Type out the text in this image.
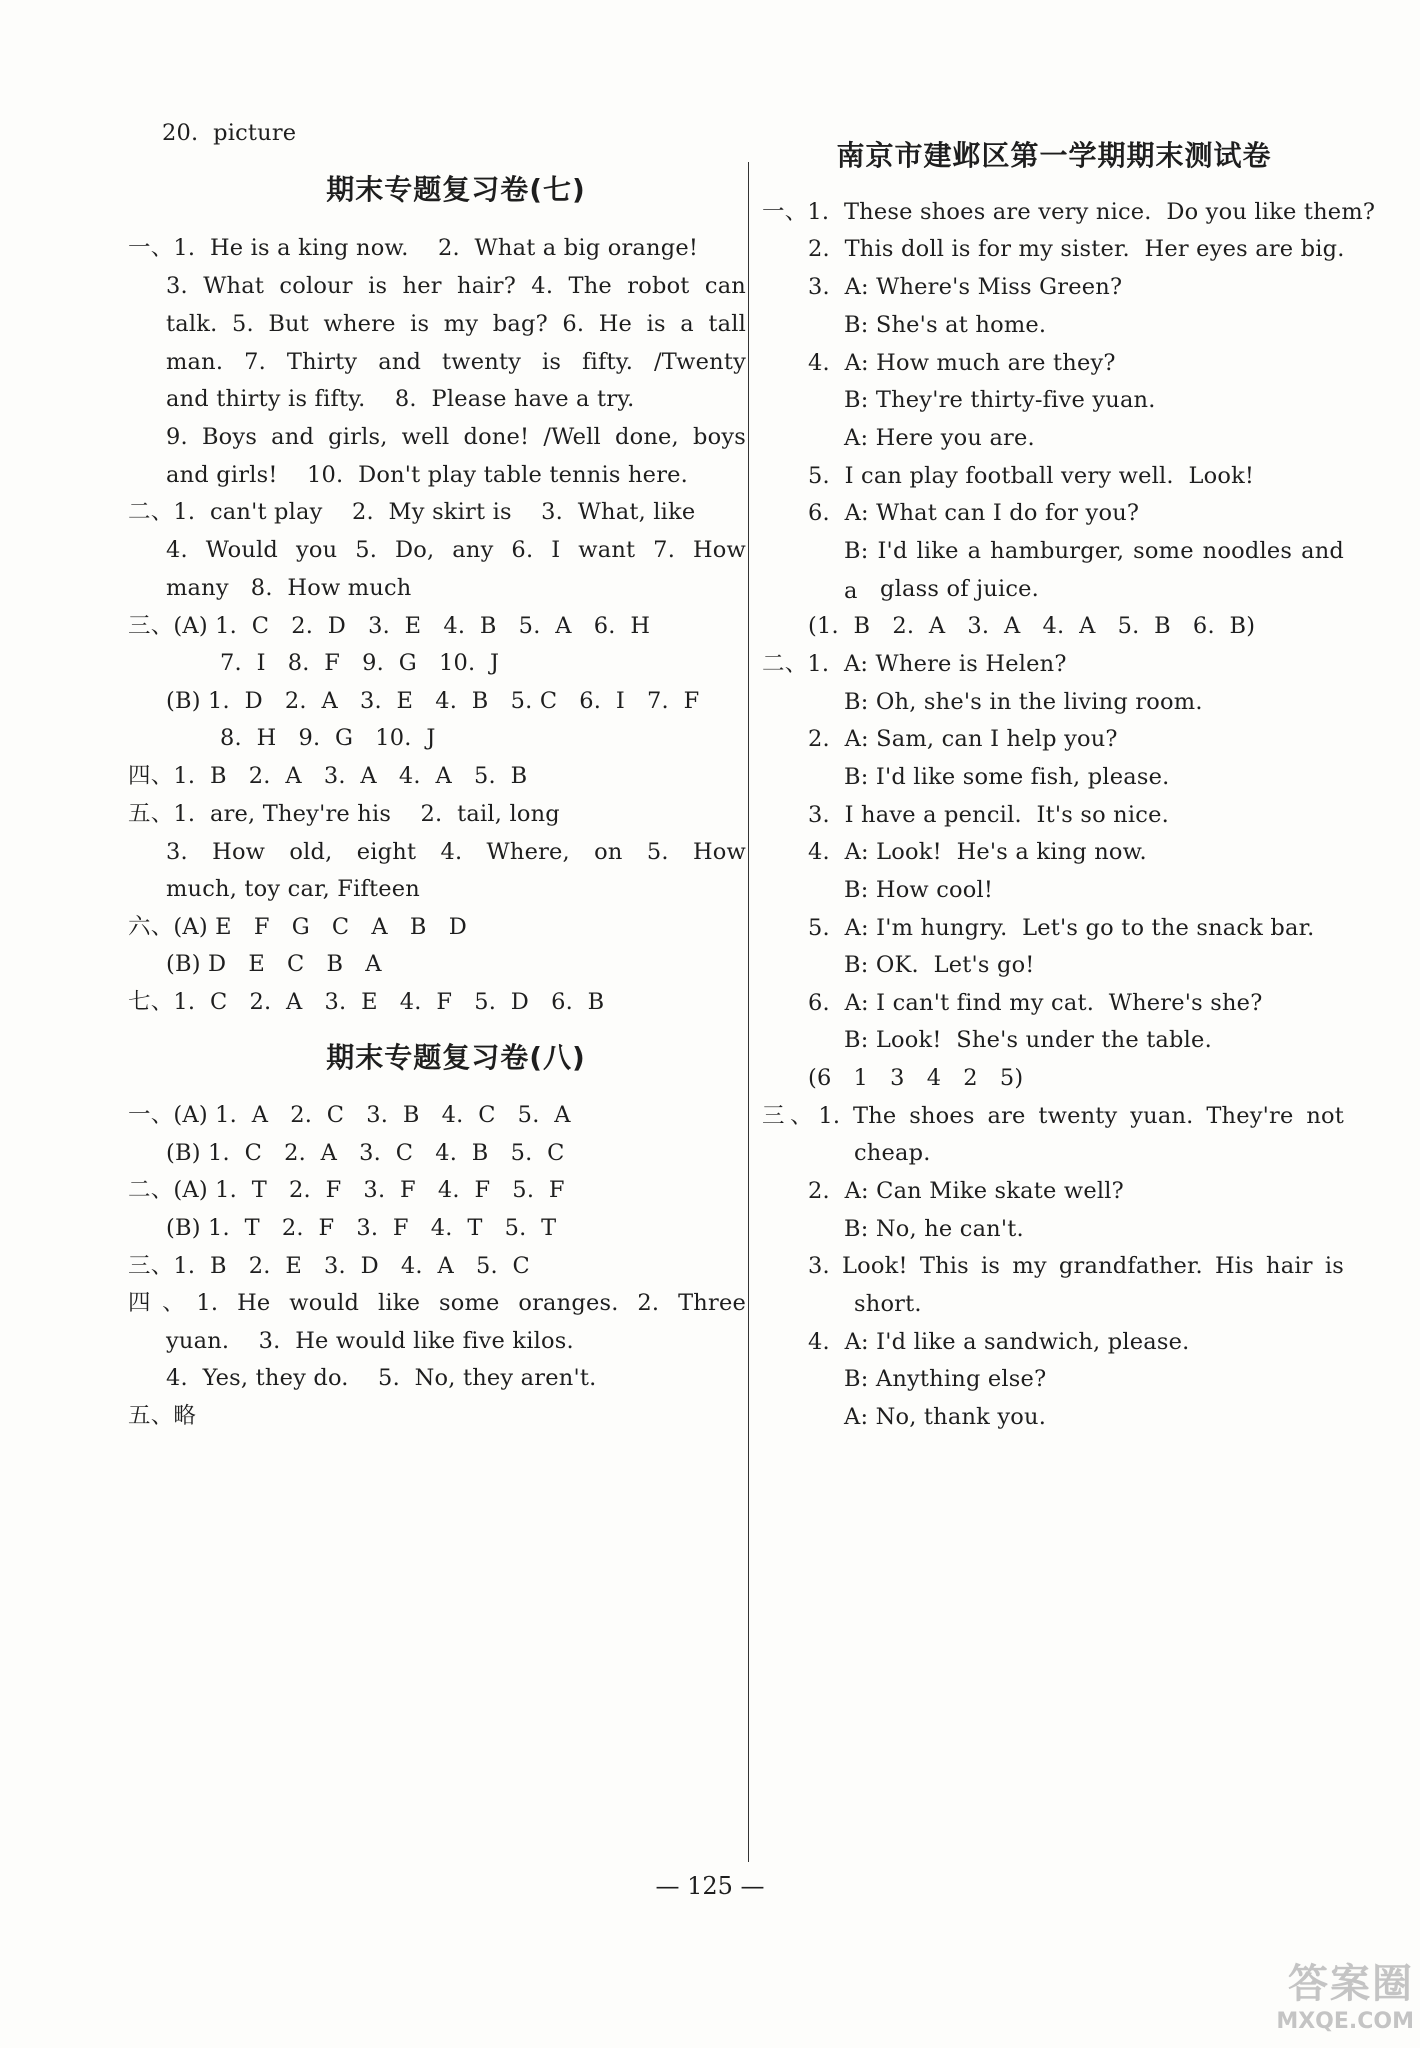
20.  picture
期末专题复习卷(七)
一、1.  He is a king now.    2.  What a big orange!
3. What colour is her hair? 4. The robot can
talk. 5. But where is my bag? 6. He is a tall
man. 7. Thirty and twenty is fifty. /Twenty
and thirty is fifty.    8.  Please have a try.
9. Boys and girls, well done! /Well done, boys
and girls!    10.  Don't play table tennis here.
二、1.  can't play    2.  My skirt is    3.  What, like
4. Would you 5. Do, any 6. I want 7. How
many   8.  How much
三、(A) 1.  C   2.  D   3.  E   4.  B   5.  A   6.  H
7.  I   8.  F   9.  G   10.  J
(B) 1.  D   2.  A   3.  E   4.  B   5. C   6.  I   7.  F
8.  H   9.  G   10.  J
四、1.  B   2.  A   3.  A   4.  A   5.  B
五、1.  are, They're his    2.  tail, long
3. How old, eight 4. Where, on 5. How
much, toy car, Fifteen
六、(A) E   F   G   C   A   B   D
(B) D   E   C   B   A
七、1.  C   2.  A   3.  E   4.  F   5.  D   6.  B
期末专题复习卷(八)
一、(A) 1.  A   2.  C   3.  B   4.  C   5.  A
(B) 1.  C   2.  A   3.  C   4.  B   5.  C
二、(A) 1.  T   2.  F   3.  F   4.  F   5.  F
(B) 1.  T   2.  F   3.  F   4.  T   5.  T
三、1.  B   2.  E   3.  D   4.  A   5.  C
四、1. He would like some oranges. 2. Three
yuan.    3.  He would like five kilos.
4.  Yes, they do.    5.  No, they aren't.
五、略
南京市建邺区第一学期期末测试卷
一、1.  These shoes are very nice.  Do you like them?
2.  This doll is for my sister.  Her eyes are big.
3.  A: Where's Miss Green?
B: She's at home.
4.  A: How much are they?
B: They're thirty-five yuan.
A: Here you are.
5.  I can play football very well.  Look!
6.  A: What can I do for you?
B: I'd like a hamburger, some noodles and a glass of juice.
(1.  B   2.  A   3.  A   4.  A   5.  B   6.  B)
二、1.  A: Where is Helen?
B: Oh, she's in the living room.
2.  A: Sam, can I help you?
B: I'd like some fish, please.
3.  I have a pencil.  It's so nice.
4.  A: Look!  He's a king now.
B: How cool!
5.  A: I'm hungry.  Let's go to the snack bar.
B: OK.  Let's go!
6.  A: I can't find my cat.  Where's she?
B: Look!  She's under the table.
(6   1   3   4   2   5)
三、1. The shoes are twenty yuan. They're not
cheap.
2.  A: Can Mike skate well?
B: No, he can't.
3. Look! This is my grandfather. His hair is
short.
4.  A: I'd like a sandwich, please.
B: Anything else?
A: No, thank you.
— 125 —
答案圈
MXQE.COM
